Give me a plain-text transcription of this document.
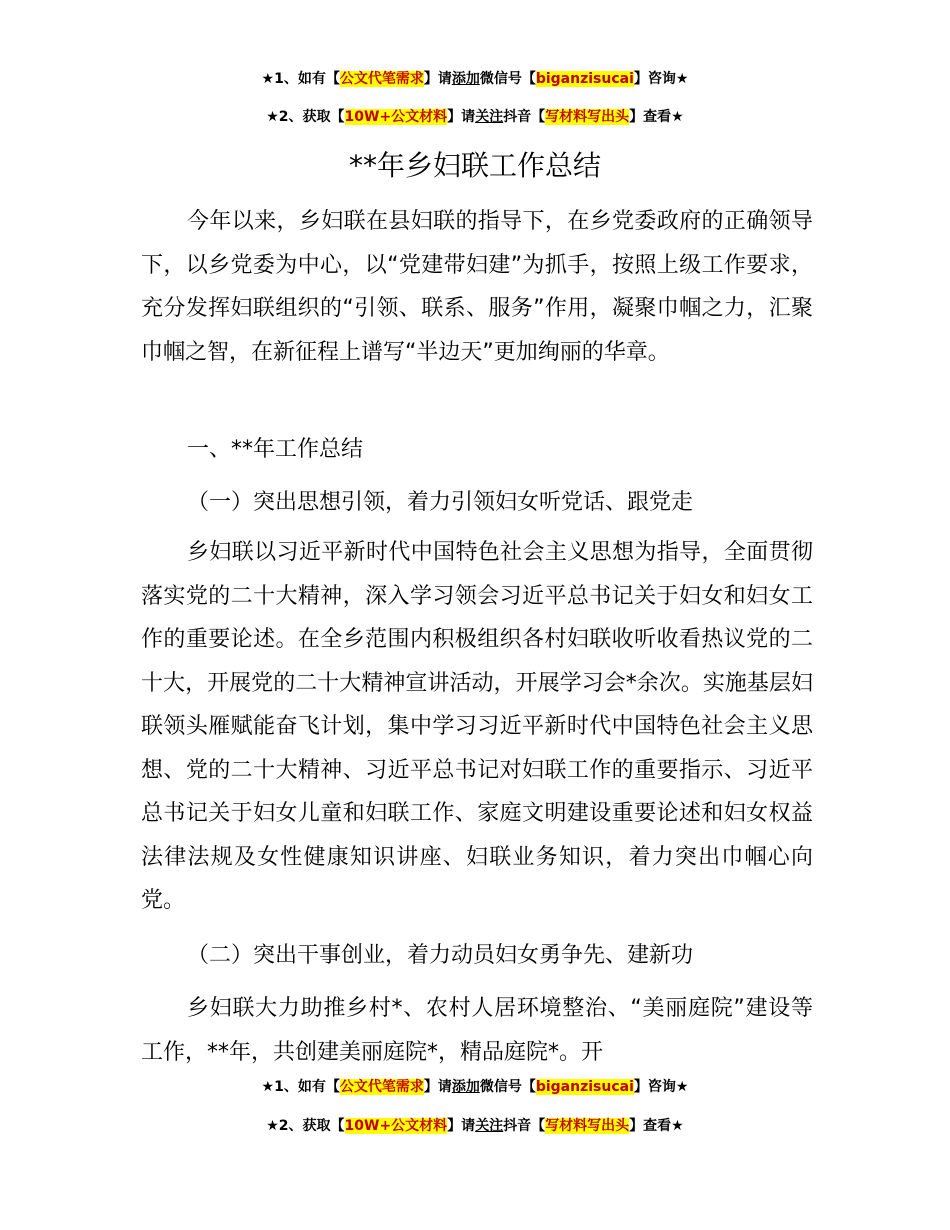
★1、如有【公文代笔需求】请添加微信号【biganzisucai】咨询★
★2、获取【10W+公文材料】请关注抖音【写材料写出头】查看★
**年乡妇联工作总结

今年以来，乡妇联在县妇联的指导下，在乡党委政府的正确领导下，以乡党委为中心，以“党建带妇建”为抓手，按照上级工作要求，充分发挥妇联组织的“引领、联系、服务”作用，凝聚巾帼之力，汇聚巾帼之智，在新征程上谱写“半边天”更加绚丽的华章。

一、**年工作总结

（一）突出思想引领，着力引领妇女听党话、跟党走

乡妇联以习近平新时代中国特色社会主义思想为指导，全面贯彻落实党的二十大精神，深入学习领会习近平总书记关于妇女和妇女工作的重要论述。在全乡范围内积极组织各村妇联收听收看热议党的二十大，开展党的二十大精神宣讲活动，开展学习会*余次。实施基层妇联领头雁赋能奋飞计划，集中学习习近平新时代中国特色社会主义思想、党的二十大精神、习近平总书记对妇联工作的重要指示、习近平总书记关于妇女儿童和妇联工作、家庭文明建设重要论述和妇女权益法律法规及女性健康知识讲座、妇联业务知识，着力突出巾帼心向党。

（二）突出干事创业，着力动员妇女勇争先、建新功

乡妇联大力助推乡村*、农村人居环境整治、“美丽庭院”建设等工作，**年，共创建美丽庭院*，精品庭院*。开

★1、如有【公文代笔需求】请添加微信号【biganzisucai】咨询★
★2、获取【10W+公文材料】请关注抖音【写材料写出头】查看★
